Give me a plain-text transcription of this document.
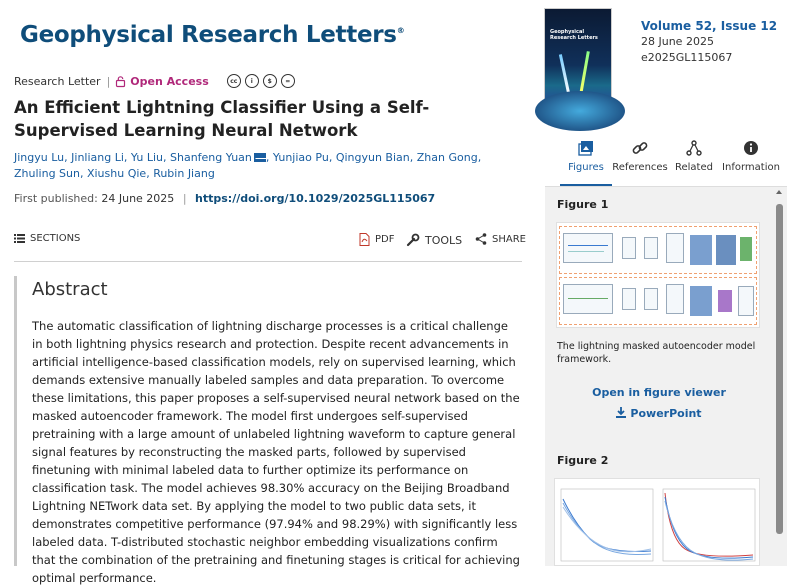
Geophysical Research Letters®
Research Letter | Open Access	cc	i	$	=
An Efficient Lightning Classifier Using a Self-Supervised Learning Neural Network
Jingyu Lu, Jinliang Li, Yu Liu, Shanfeng Yuan , Yunjiao Pu, Qingyun Bian, Zhan Gong, Zhuling Sun, Xiushu Qie, Rubin Jiang
First published: 24 June 2025 | https://doi.org/10.1029/2025GL115067
SECTIONS	PDF	TOOLS	SHARE
Abstract
The automatic classification of lightning discharge processes is a critical challenge in both lightning physics research and protection. Despite recent advancements in artificial intelligence-based classification models, rely on supervised learning, which demands extensive manually labeled samples and data preparation. To overcome these limitations, this paper proposes a self-supervised neural network based on the masked autoencoder framework. The model first undergoes self-supervised pretraining with a large amount of unlabeled lightning waveform to capture general signal features by reconstructing the masked parts, followed by supervised finetuning with minimal labeled data to further optimize its performance on classification task. The model achieves 98.30% accuracy on the Beijing Broadband Lightning NETwork data set. By applying the model to two public data sets, it demonstrates competitive performance (97.94% and 98.29%) with significantly less labeled data. T-distributed stochastic neighbor embedding visualizations confirm that the combination of the pretraining and finetuning stages is critical for achieving optimal performance.
Geophysical Research Letters
Volume 52, Issue 12
28 June 2025
e2025GL115067
Figures References Related Information
Figure 1
The lightning masked autoencoder model framework.
Open in figure viewer
PowerPoint
Figure 2
